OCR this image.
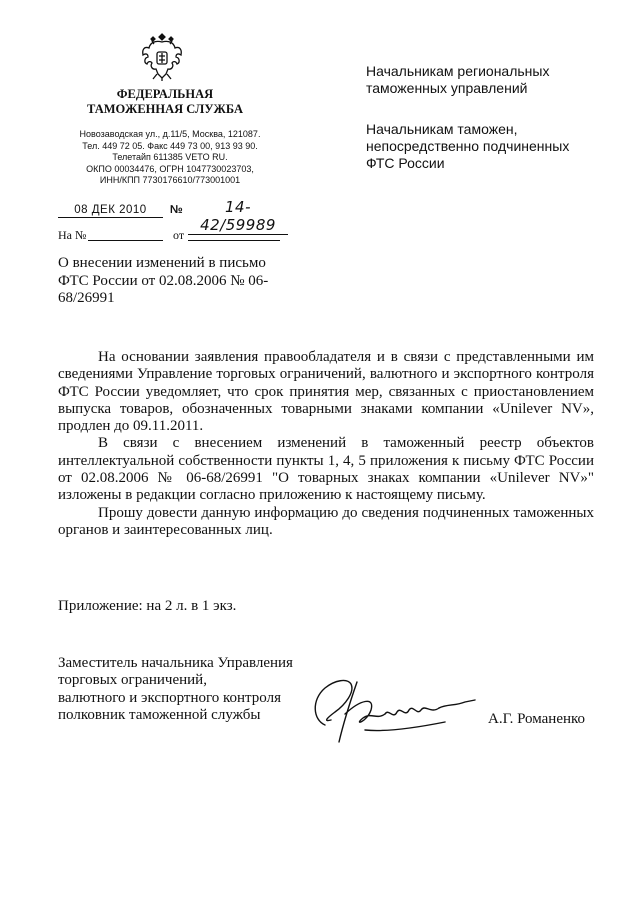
ФЕДЕРАЛЬНАЯ
ТАМОЖЕННАЯ СЛУЖБА
Новозаводская ул., д.11/5, Москва, 121087.
Тел. 449 72 05. Факс 449 73 00, 913 93 90.
Телетайп 611385 VETO RU.
ОКПО 00034476, ОГРН 1047730023703,
ИНН/КПП 7730176610/773001001
08 ДЕК 2010	№	14-42/59989
На №	от
Начальникам региональных
таможенных управлений
Начальникам таможен,
непосредственно подчиненных
ФТС России
О внесении изменений в письмо
ФТС России от 02.08.2006 № 06-
68/26991

На основании заявления правообладателя и в связи с представленными им сведениями Управление торговых ограничений, валютного и экспортного контроля ФТС России уведомляет, что срок принятия мер, связанных с приостановлением выпуска товаров, обозначенных товарными знаками компании «Unilever NV», продлен до 09.11.2011.

В связи с внесением изменений в таможенный реестр объектов интеллектуальной собственности пункты 1, 4, 5 приложения к письму ФТС России от 02.08.2006 № 06-68/26991 "О товарных знаках компании «Unilever NV»" изложены в редакции согласно приложению к настоящему письму.

Прошу довести данную информацию до сведения подчиненных таможенных органов и заинтересованных лиц.

Приложение: на 2 л. в 1 экз.
Заместитель начальника Управления
торговых ограничений,
валютного и экспортного контроля
полковник таможенной службы	А.Г. Романенко
